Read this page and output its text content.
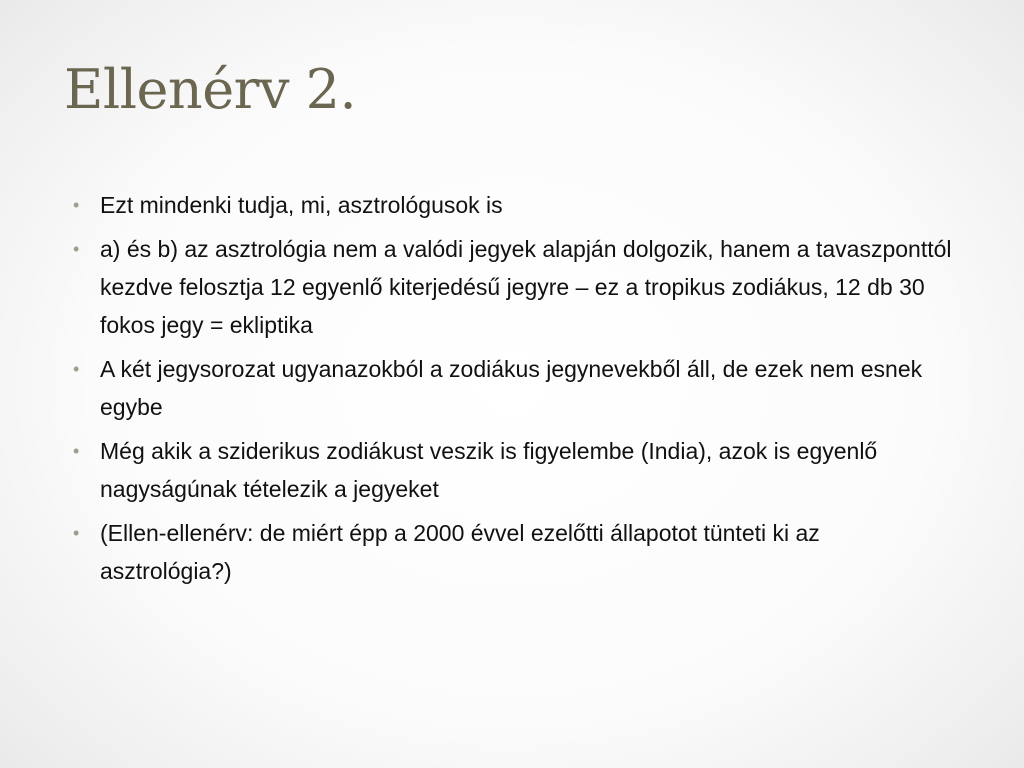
Ellenérv 2.
• Ezt mindenki tudja, mi, asztrológusok is
• a) és b) az asztrológia nem a valódi jegyek alapján dolgozik, hanem a tavaszponttól kezdve felosztja 12 egyenlő kiterjedésű jegyre – ez a tropikus zodiákus, 12 db 30 fokos jegy = ekliptika
• A két jegysorozat ugyanazokból a zodiákus jegynevekből áll, de ezek nem esnek egybe
• Még akik a sziderikus zodiákust veszik is figyelembe (India), azok is egyenlő nagyságúnak tételezik a jegyeket
• (Ellen-ellenérv: de miért épp a 2000 évvel ezelőtti állapotot tünteti ki az asztrológia?)
